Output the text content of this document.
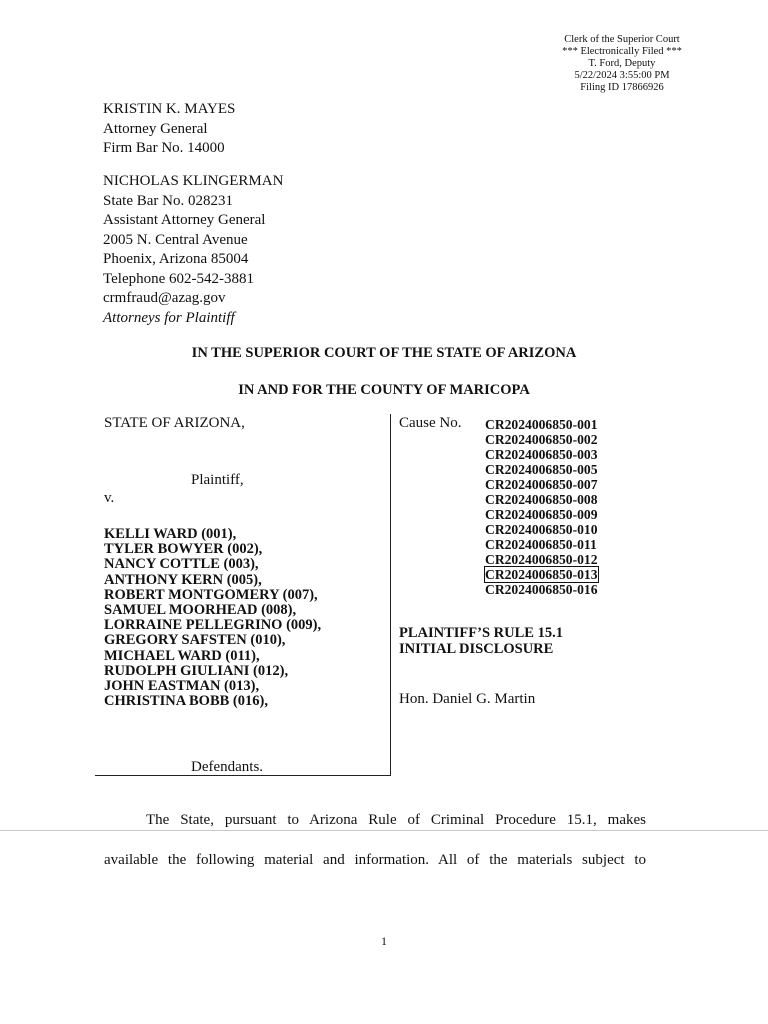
Clerk of the Superior Court
*** Electronically Filed ***
T. Ford, Deputy
5/22/2024 3:55:00 PM
Filing ID 17866926
KRISTIN K. MAYES
Attorney General
Firm Bar No. 14000
NICHOLAS KLINGERMAN
State Bar No. 028231
Assistant Attorney General
2005 N. Central Avenue
Phoenix, Arizona 85004
Telephone 602-542-3881
crmfraud@azag.gov
Attorneys for Plaintiff
IN THE SUPERIOR COURT OF THE STATE OF ARIZONA
IN AND FOR THE COUNTY OF MARICOPA
STATE OF ARIZONA,
Plaintiff,
v.
KELLI WARD (001),
TYLER BOWYER (002),
NANCY COTTLE (003),
ANTHONY KERN (005),
ROBERT MONTGOMERY (007),
SAMUEL MOORHEAD (008),
LORRAINE PELLEGRINO (009),
GREGORY SAFSTEN (010),
MICHAEL WARD (011),
RUDOLPH GIULIANI (012),
JOHN EASTMAN (013),
CHRISTINA BOBB (016),
Defendants.
Cause No. CR2024006850-001
CR2024006850-002
CR2024006850-003
CR2024006850-005
CR2024006850-007
CR2024006850-008
CR2024006850-009
CR2024006850-010
CR2024006850-011
CR2024006850-012
CR2024006850-013
CR2024006850-016
PLAINTIFF’S RULE 15.1
INITIAL DISCLOSURE
Hon. Daniel G. Martin
The State, pursuant to Arizona Rule of Criminal Procedure 15.1, makes
available the following material and information. All of the materials subject to
1
